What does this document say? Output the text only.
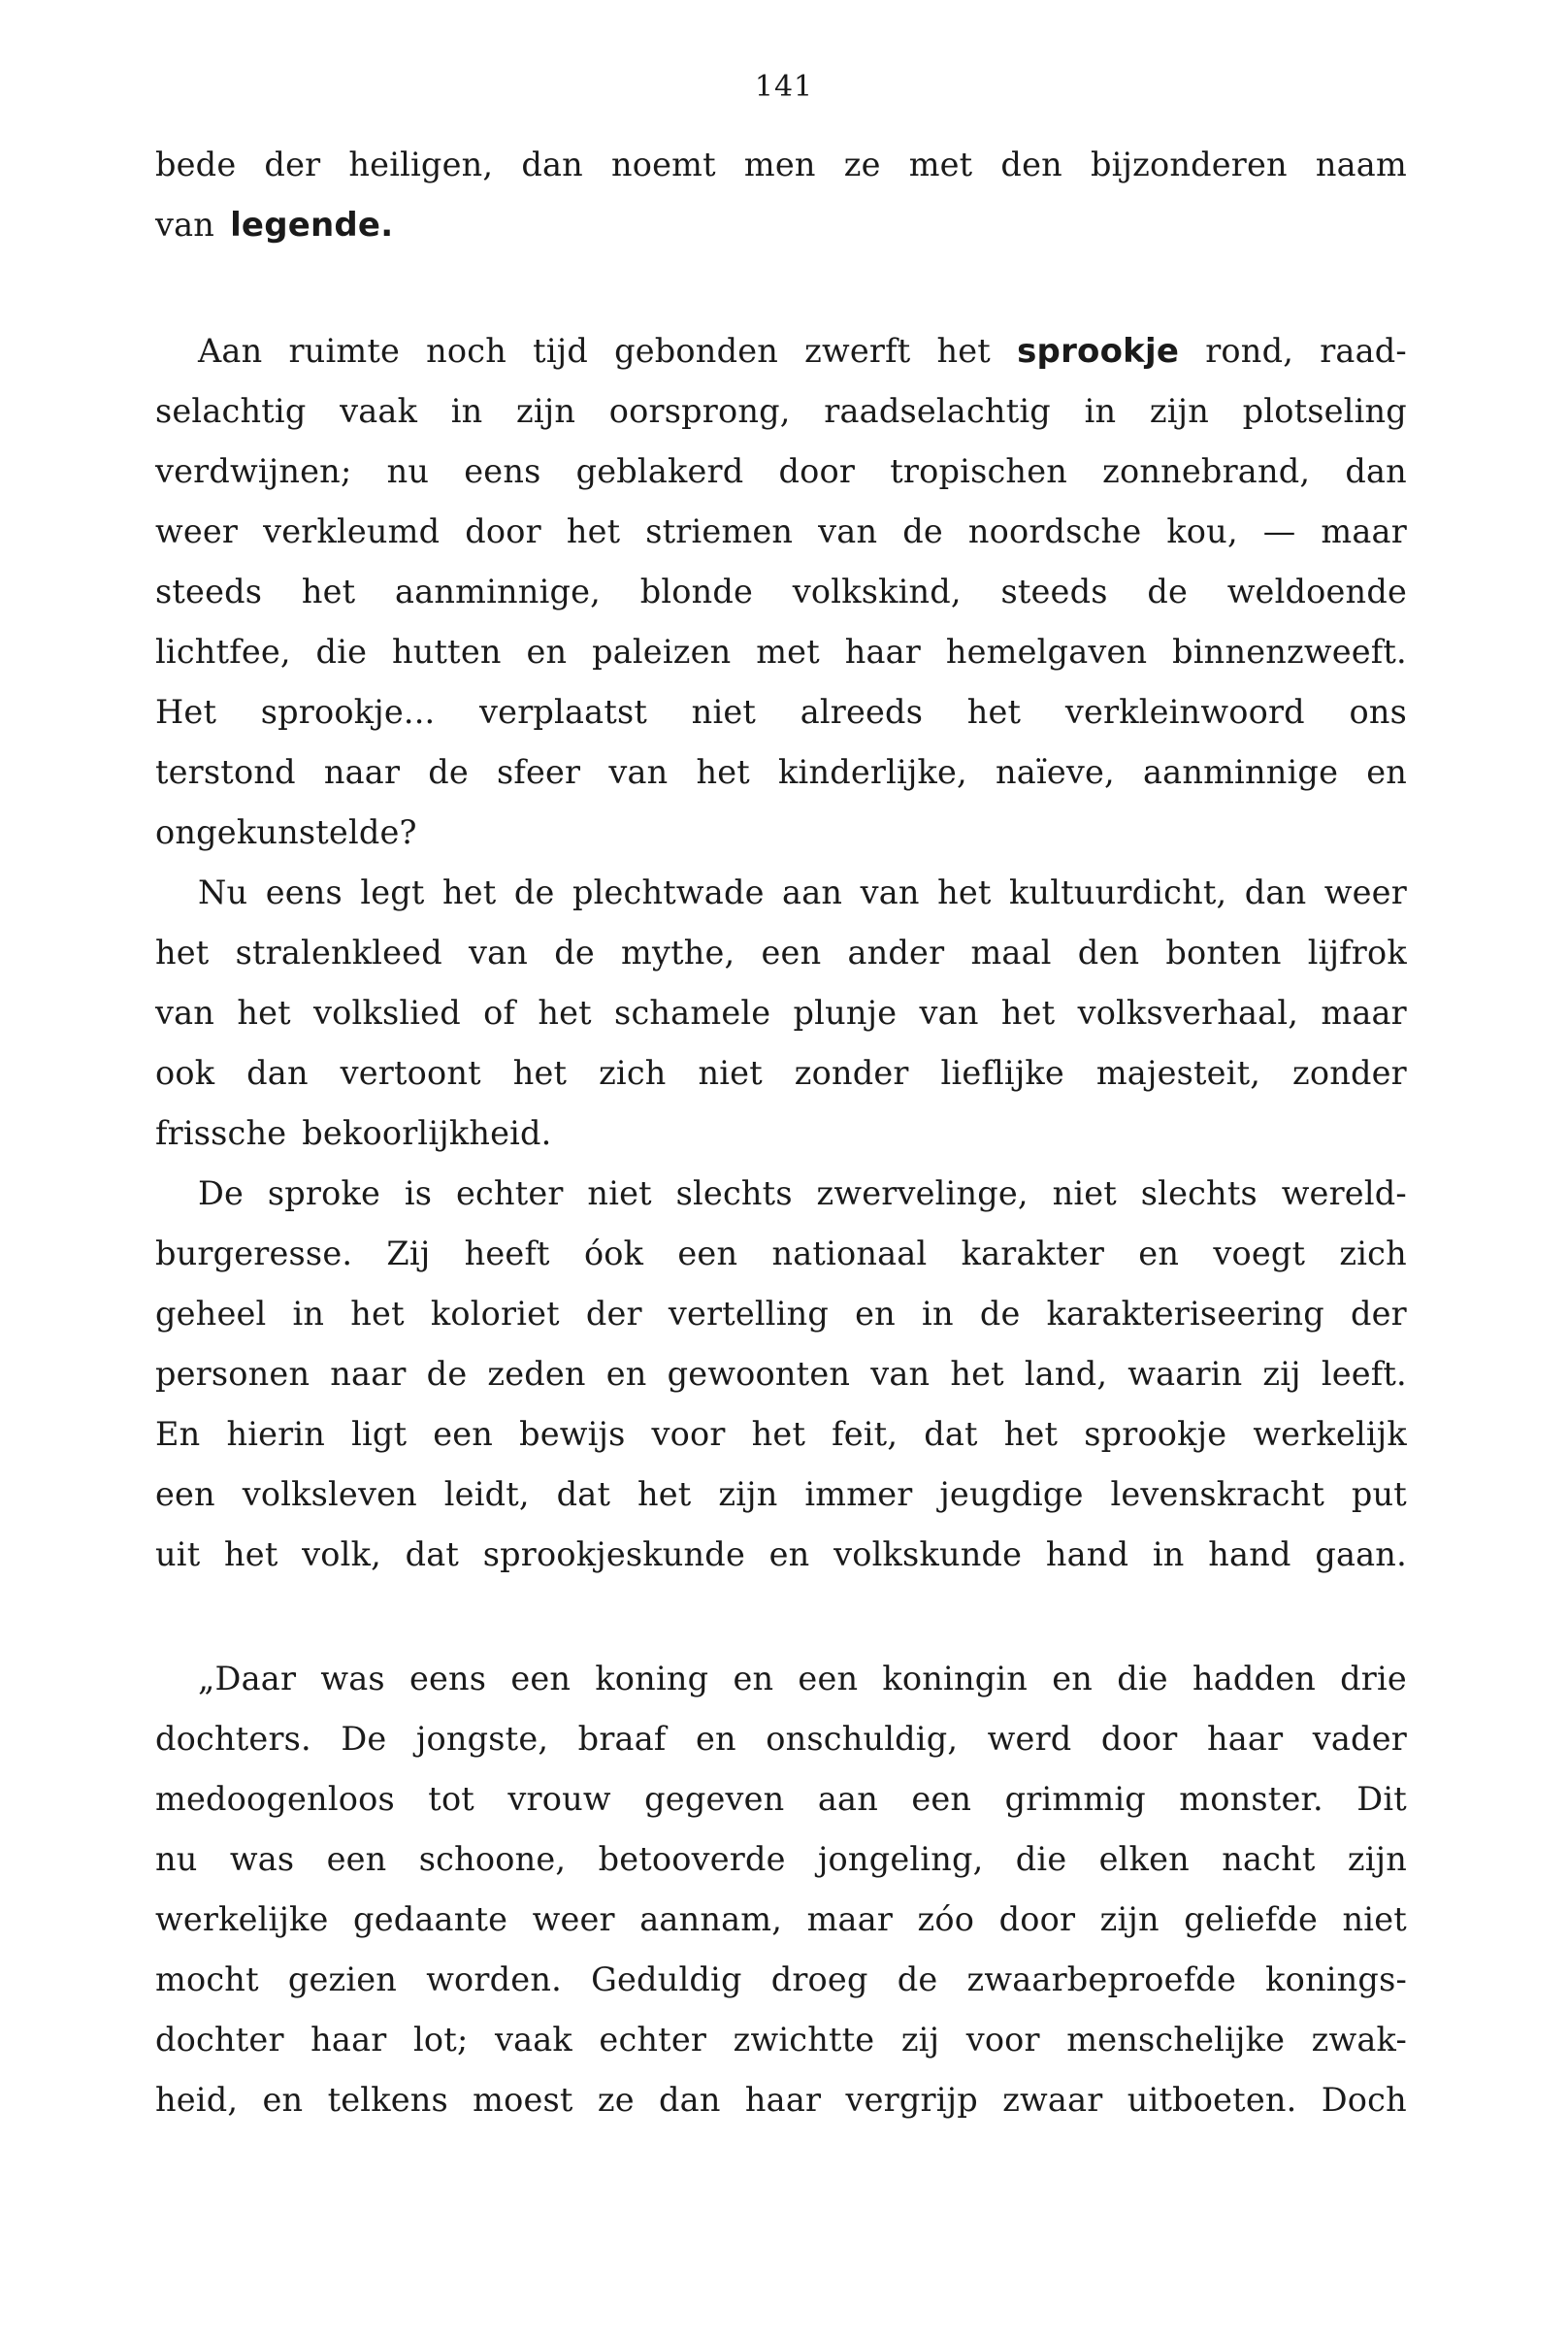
141
bede der heiligen, dan noemt men ze met den bijzonderen naam
van legende.
Aan ruimte noch tijd gebonden zwerft het sprookje rond, raad-
selachtig vaak in zijn oorsprong, raadselachtig in zijn plotseling
verdwijnen; nu eens geblakerd door tropischen zonnebrand, dan
weer verkleumd door het striemen van de noordsche kou, — maar
steeds het aanminnige, blonde volkskind, steeds de weldoende
lichtfee, die hutten en paleizen met haar hemelgaven binnenzweeft.
Het sprookje... verplaatst niet alreeds het verkleinwoord ons
terstond naar de sfeer van het kinderlijke, naïeve, aanminnige en
ongekunstelde?
Nu eens legt het de plechtwade aan van het kultuurdicht, dan weer
het stralenkleed van de mythe, een ander maal den bonten lijfrok
van het volkslied of het schamele plunje van het volksverhaal, maar
ook dan vertoont het zich niet zonder lieflijke majesteit, zonder
frissche bekoorlijkheid.
De sproke is echter niet slechts zwervelinge, niet slechts wereld-
burgeresse. Zij heeft óok een nationaal karakter en voegt zich
geheel in het koloriet der vertelling en in de karakteriseering der
personen naar de zeden en gewoonten van het land, waarin zij leeft.
En hierin ligt een bewijs voor het feit, dat het sprookje werkelijk
een volksleven leidt, dat het zijn immer jeugdige levenskracht put
uit het volk, dat sprookjeskunde en volkskunde hand in hand gaan.
„Daar was eens een koning en een koningin en die hadden drie
dochters. De jongste, braaf en onschuldig, werd door haar vader
medoogenloos tot vrouw gegeven aan een grimmig monster. Dit
nu was een schoone, betooverde jongeling, die elken nacht zijn
werkelijke gedaante weer aannam, maar zóo door zijn geliefde niet
mocht gezien worden. Geduldig droeg de zwaarbeproefde konings-
dochter haar lot; vaak echter zwichtte zij voor menschelijke zwak-
heid, en telkens moest ze dan haar vergrijp zwaar uitboeten. Doch
